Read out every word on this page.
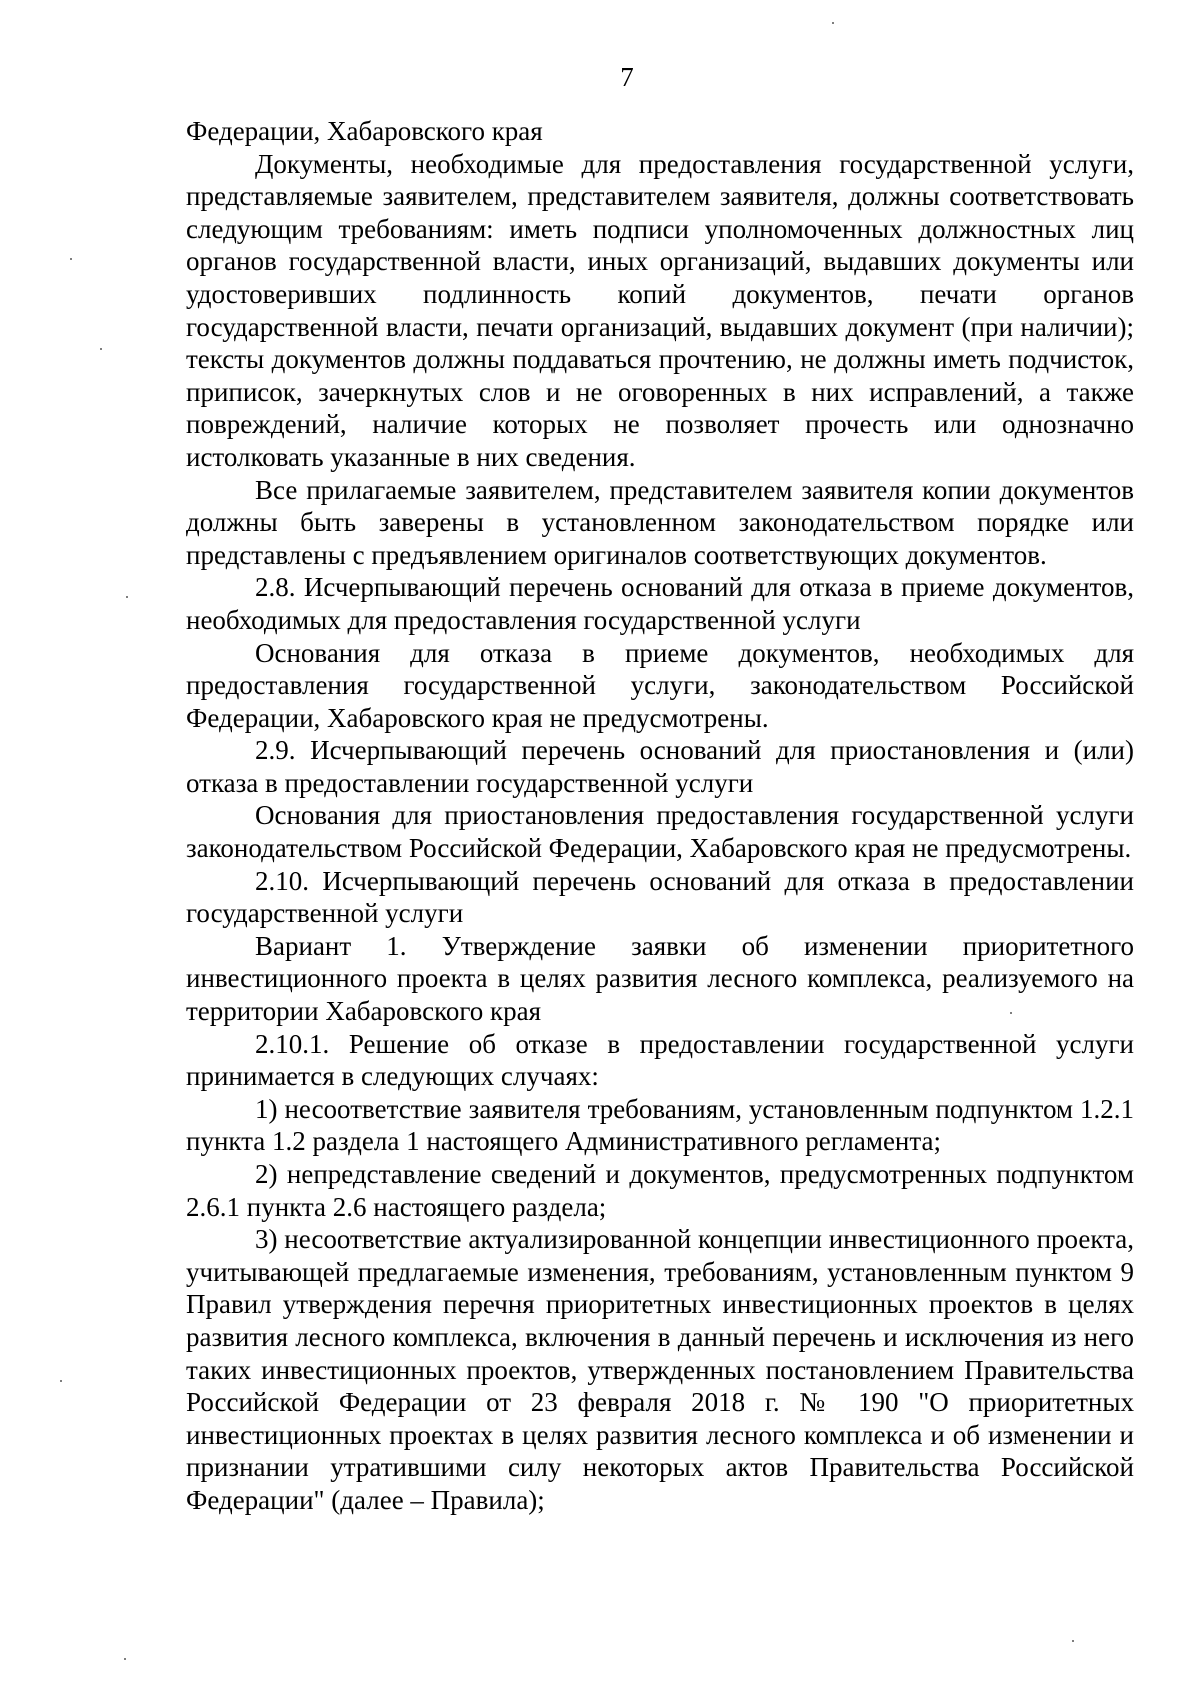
7

Федерации, Хабаровского края

Документы, необходимые для предоставления государственной услуги, представляемые заявителем, представителем заявителя, должны соответствовать следующим требованиям: иметь подписи уполномоченных должностных лиц органов государственной власти, иных организаций, выдавших документы или удостоверивших подлинность копий документов, печати органов государственной власти, печати организаций, выдавших документ (при наличии); тексты документов должны поддаваться прочтению, не должны иметь подчисток, приписок, зачеркнутых слов и не оговоренных в них исправлений, а также повреждений, наличие которых не позволяет прочесть или однозначно истолковать указанные в них сведения.

Все прилагаемые заявителем, представителем заявителя копии документов должны быть заверены в установленном законодательством порядке или представлены с предъявлением оригиналов соответствующих документов.

2.8. Исчерпывающий перечень оснований для отказа в приеме документов, необходимых для предоставления государственной услуги

Основания для отказа в приеме документов, необходимых для предоставления государственной услуги, законодательством Российской Федерации, Хабаровского края не предусмотрены.

2.9. Исчерпывающий перечень оснований для приостановления и (или) отказа в предоставлении государственной услуги

Основания для приостановления предоставления государственной услуги законодательством Российской Федерации, Хабаровского края не предусмотрены.

2.10. Исчерпывающий перечень оснований для отказа в предоставлении государственной услуги

Вариант 1. Утверждение заявки об изменении приоритетного инвестиционного проекта в целях развития лесного комплекса, реализуемого на территории Хабаровского края

2.10.1. Решение об отказе в предоставлении государственной услуги принимается в следующих случаях:

1) несоответствие заявителя требованиям, установленным подпунктом 1.2.1 пункта 1.2 раздела 1 настоящего Административного регламента;

2) непредставление сведений и документов, предусмотренных подпунктом 2.6.1 пункта 2.6 настоящего раздела;

3) несоответствие актуализированной концепции инвестиционного проекта, учитывающей предлагаемые изменения, требованиям, установленным пунктом 9 Правил утверждения перечня приоритетных инвестиционных проектов в целях развития лесного комплекса, включения в данный перечень и исключения из него таких инвестиционных проектов, утвержденных постановлением Правительства Российской Федерации от 23 февраля 2018 г. № 190 "О приоритетных инвестиционных проектах в целях развития лесного комплекса и об изменении и признании утратившими силу некоторых актов Правительства Российской Федерации" (далее – Правила);
